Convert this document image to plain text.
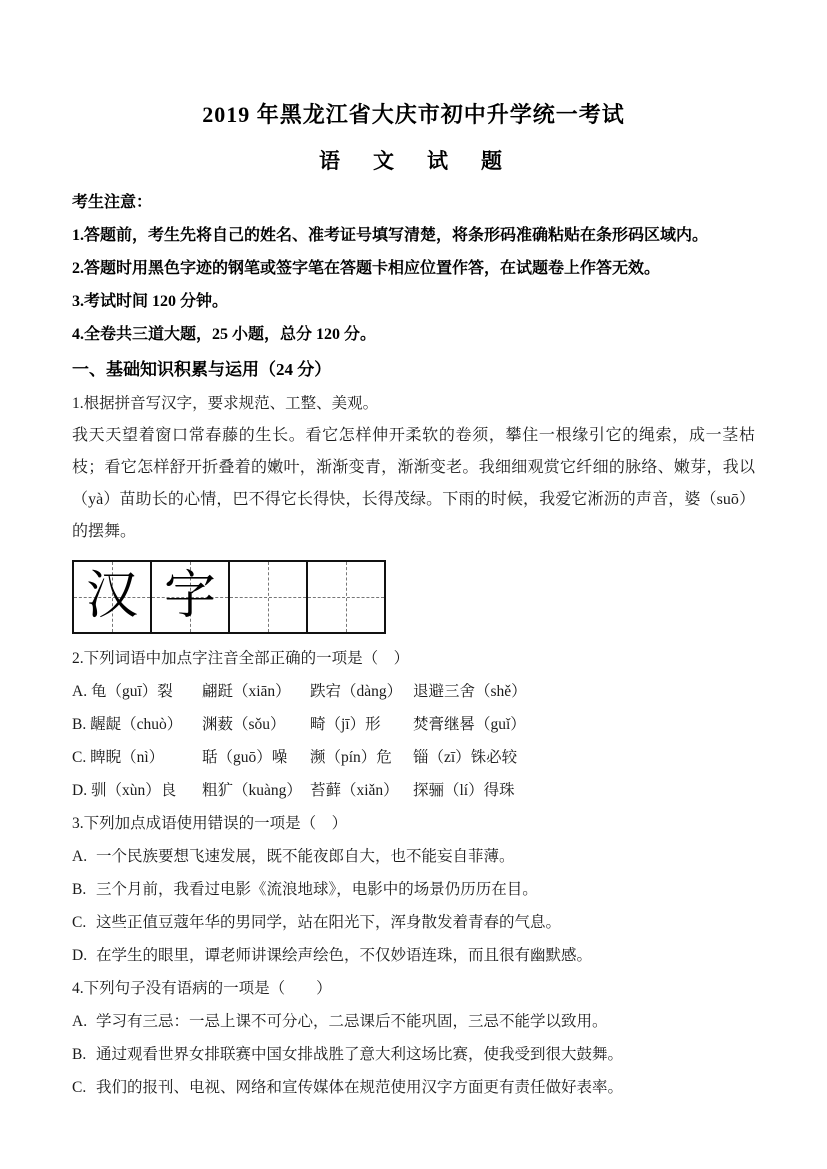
2019 年黑龙江省大庆市初中升学统一考试
语　文　试　题
考生注意：
1.答题前，考生先将自己的姓名、准考证号填写清楚，将条形码准确粘贴在条形码区域内。
2.答题时用黑色字迹的钢笔或签字笔在答题卡相应位置作答，在试题卷上作答无效。
3.考试时间 120 分钟。
4.全卷共三道大题，25 小题，总分 120 分。
一、基础知识积累与运用（24 分）
1.根据拼音写汉字，要求规范、工整、美观。
我天天望着窗口常春藤的生长。看它怎样伸开柔软的卷须，攀住一根缘引它的绳索，成一茎枯枝；看它怎样舒开折叠着的嫩叶，渐渐变青，渐渐变老。我细细观赏它纤细的脉络、嫩芽，我以（yà）苗助长的心情，巴不得它长得快，长得茂绿。下雨的时候，我爱它淅沥的声音，婆（suō）的摆舞。
汉 字
2.下列词语中加点字注音全部正确的一项是（　）
A. 龟（guī）裂	翩跹（xiān）	跌宕（dàng） 退避三舍（shě）
B. 龌龊（chuò）	渊薮（sǒu）	畸（jī）形	焚膏继晷（guǐ）
C. 睥睨（nì）	聒（guō）噪	濒（pín）危	锱（zī）铢必较
D. 驯（xùn）良	粗犷（kuàng） 苔藓（xiǎn） 探骊（lí）得珠
3.下列加点成语使用错误的一项是（　）
A. 一个民族要想飞速发展，既不能夜郎自大，也不能妄自菲薄。
B. 三个月前，我看过电影《流浪地球》，电影中的场景仍历历在目。
C. 这些正值豆蔻年华的男同学，站在阳光下，浑身散发着青春的气息。
D. 在学生的眼里，谭老师讲课绘声绘色，不仅妙语连珠，而且很有幽默感。
4.下列句子没有语病的一项是（　　）
A. 学习有三忌：一忌上课不可分心，二忌课后不能巩固，三忌不能学以致用。
B. 通过观看世界女排联赛中国女排战胜了意大利这场比赛，使我受到很大鼓舞。
C. 我们的报刊、电视、网络和宣传媒体在规范使用汉字方面更有责任做好表率。
